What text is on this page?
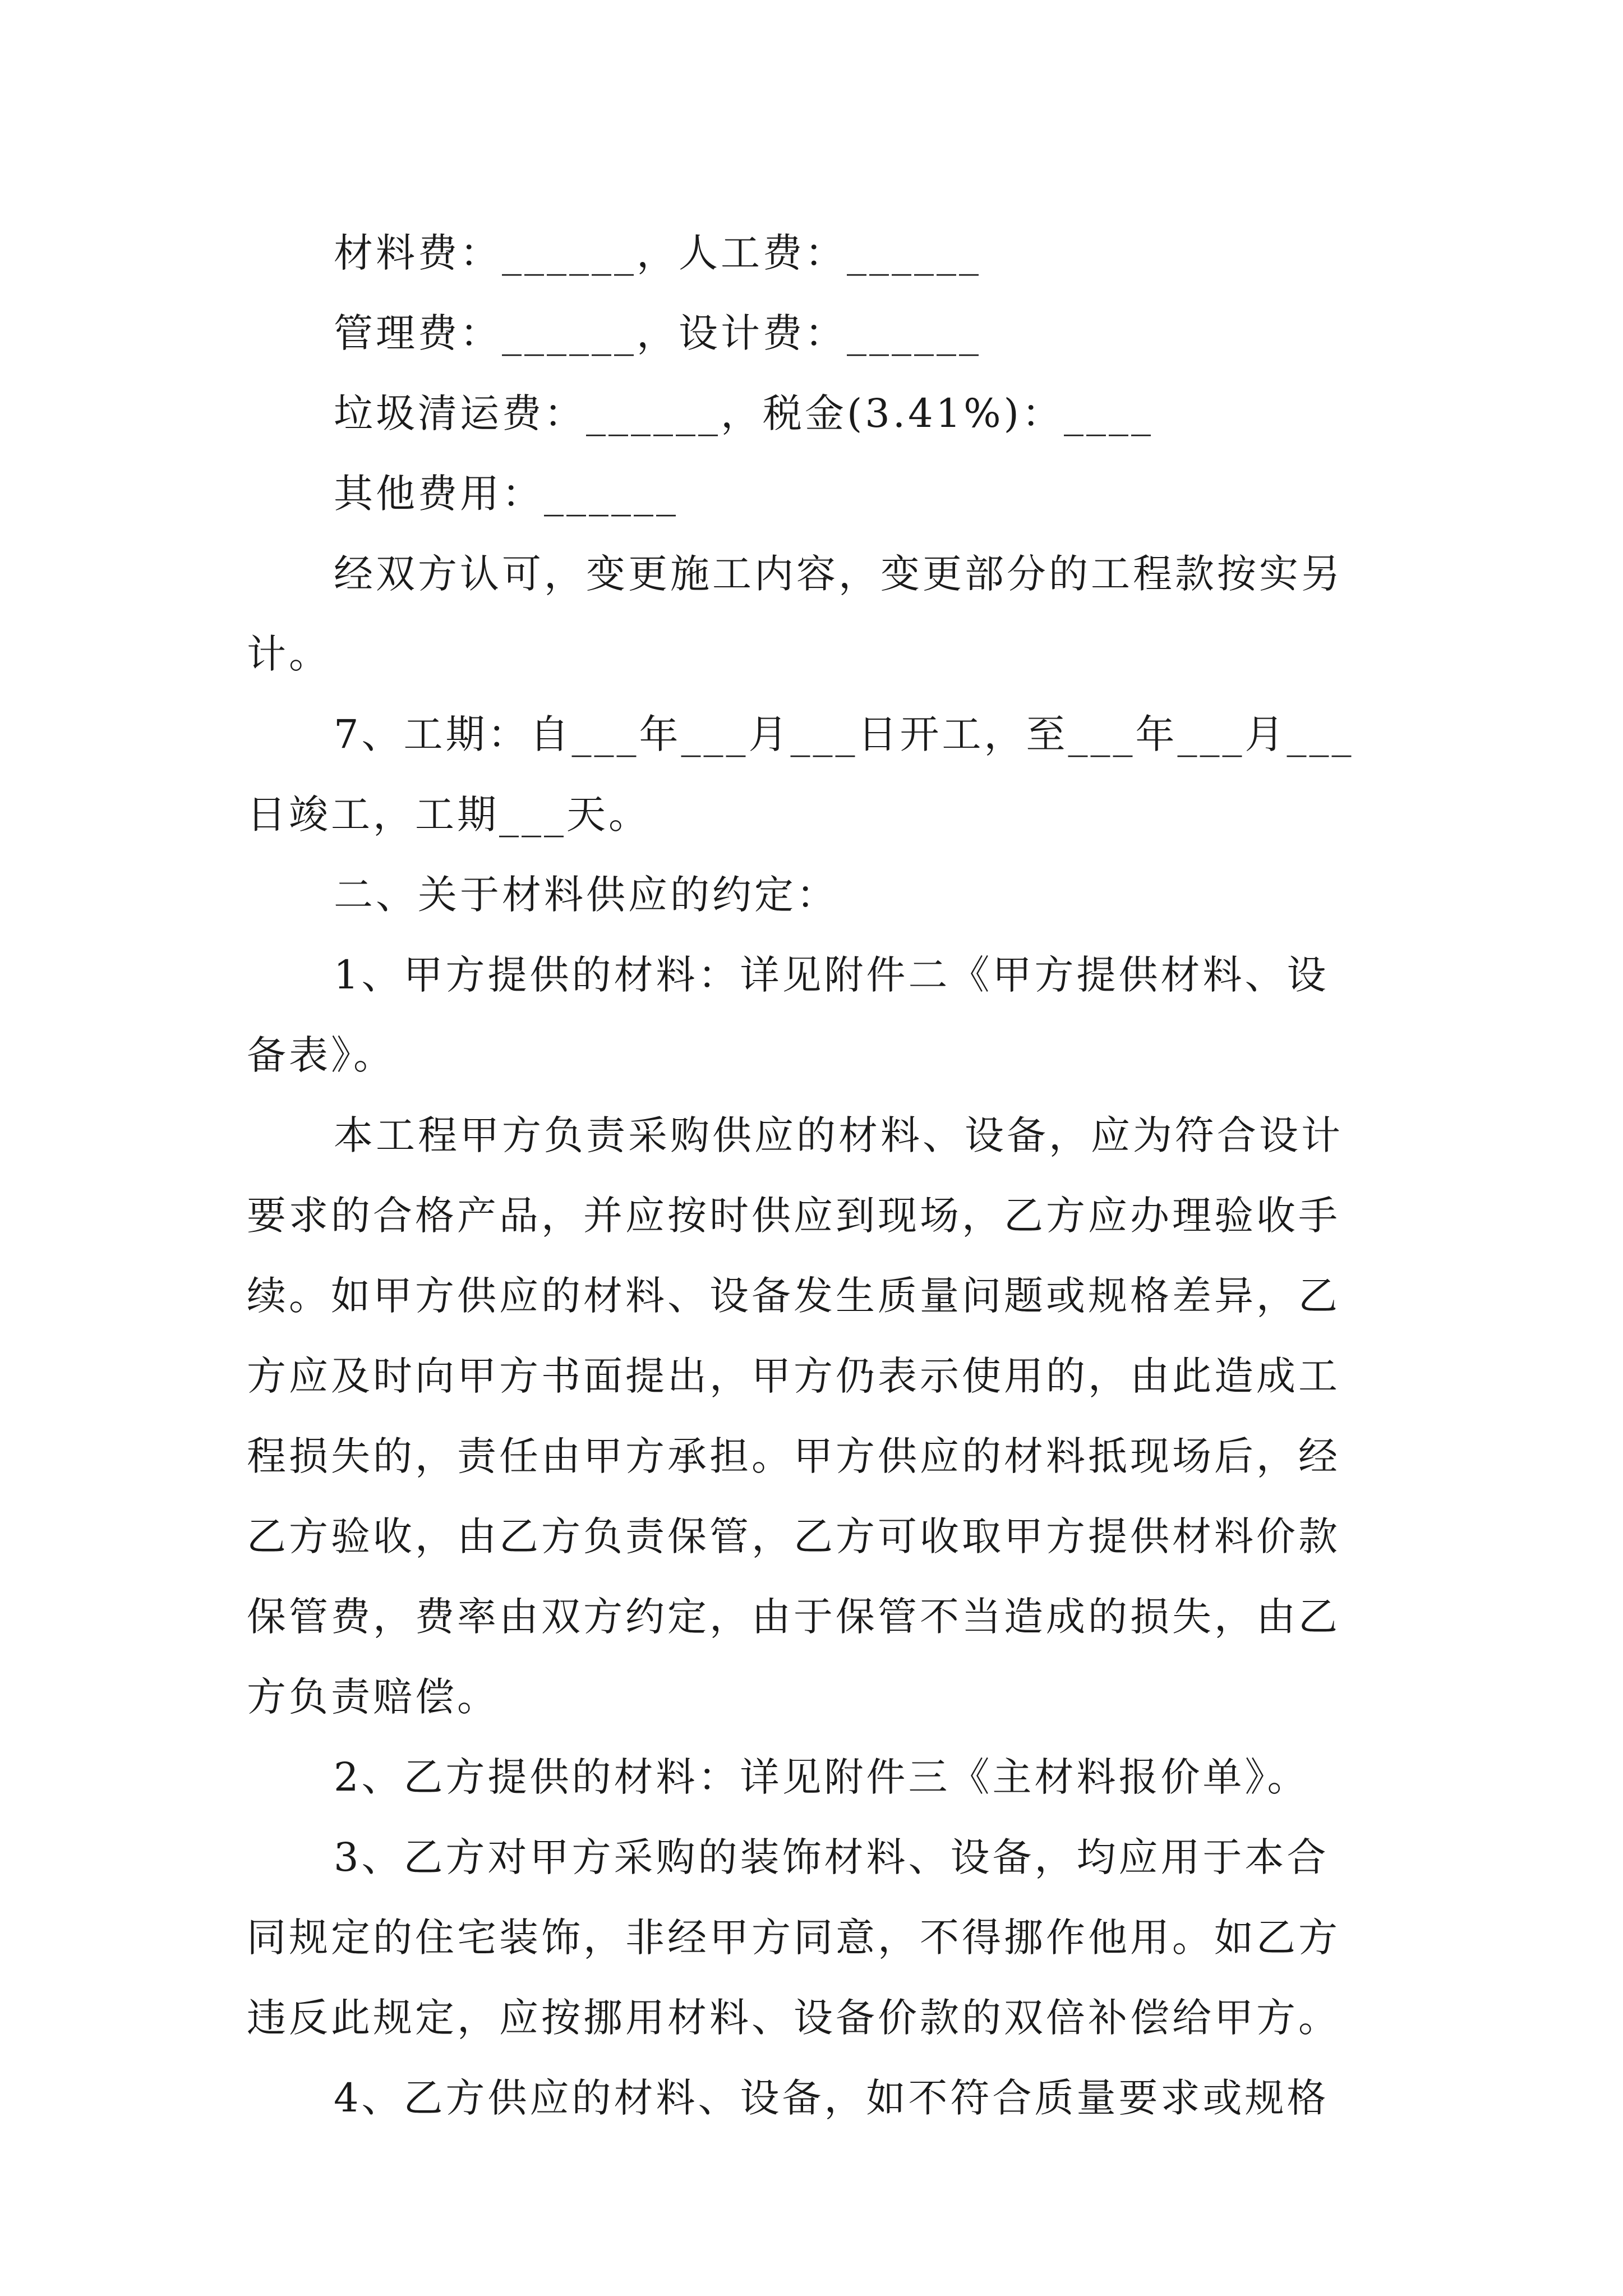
材料费：______，人工费：______
管理费：______，设计费：______
垃圾清运费：______，税金(3.41%)：____
其他费用：______
经双方认可，变更施工内容，变更部分的工程款按实另
计。
7、工期：自___年___月___日开工，至___年___月___
日竣工，工期___天。
二、关于材料供应的约定：
1、甲方提供的材料：详见附件二《甲方提供材料、设
备表》。
本工程甲方负责采购供应的材料、设备，应为符合设计
要求的合格产品，并应按时供应到现场，乙方应办理验收手
续。如甲方供应的材料、设备发生质量问题或规格差异，乙
方应及时向甲方书面提出，甲方仍表示使用的，由此造成工
程损失的，责任由甲方承担。甲方供应的材料抵现场后，经
乙方验收，由乙方负责保管，乙方可收取甲方提供材料价款
保管费，费率由双方约定，由于保管不当造成的损失，由乙
方负责赔偿。
2、乙方提供的材料：详见附件三《主材料报价单》。
3、乙方对甲方采购的装饰材料、设备，均应用于本合
同规定的住宅装饰，非经甲方同意，不得挪作他用。如乙方
违反此规定，应按挪用材料、设备价款的双倍补偿给甲方。
4、乙方供应的材料、设备，如不符合质量要求或规格
